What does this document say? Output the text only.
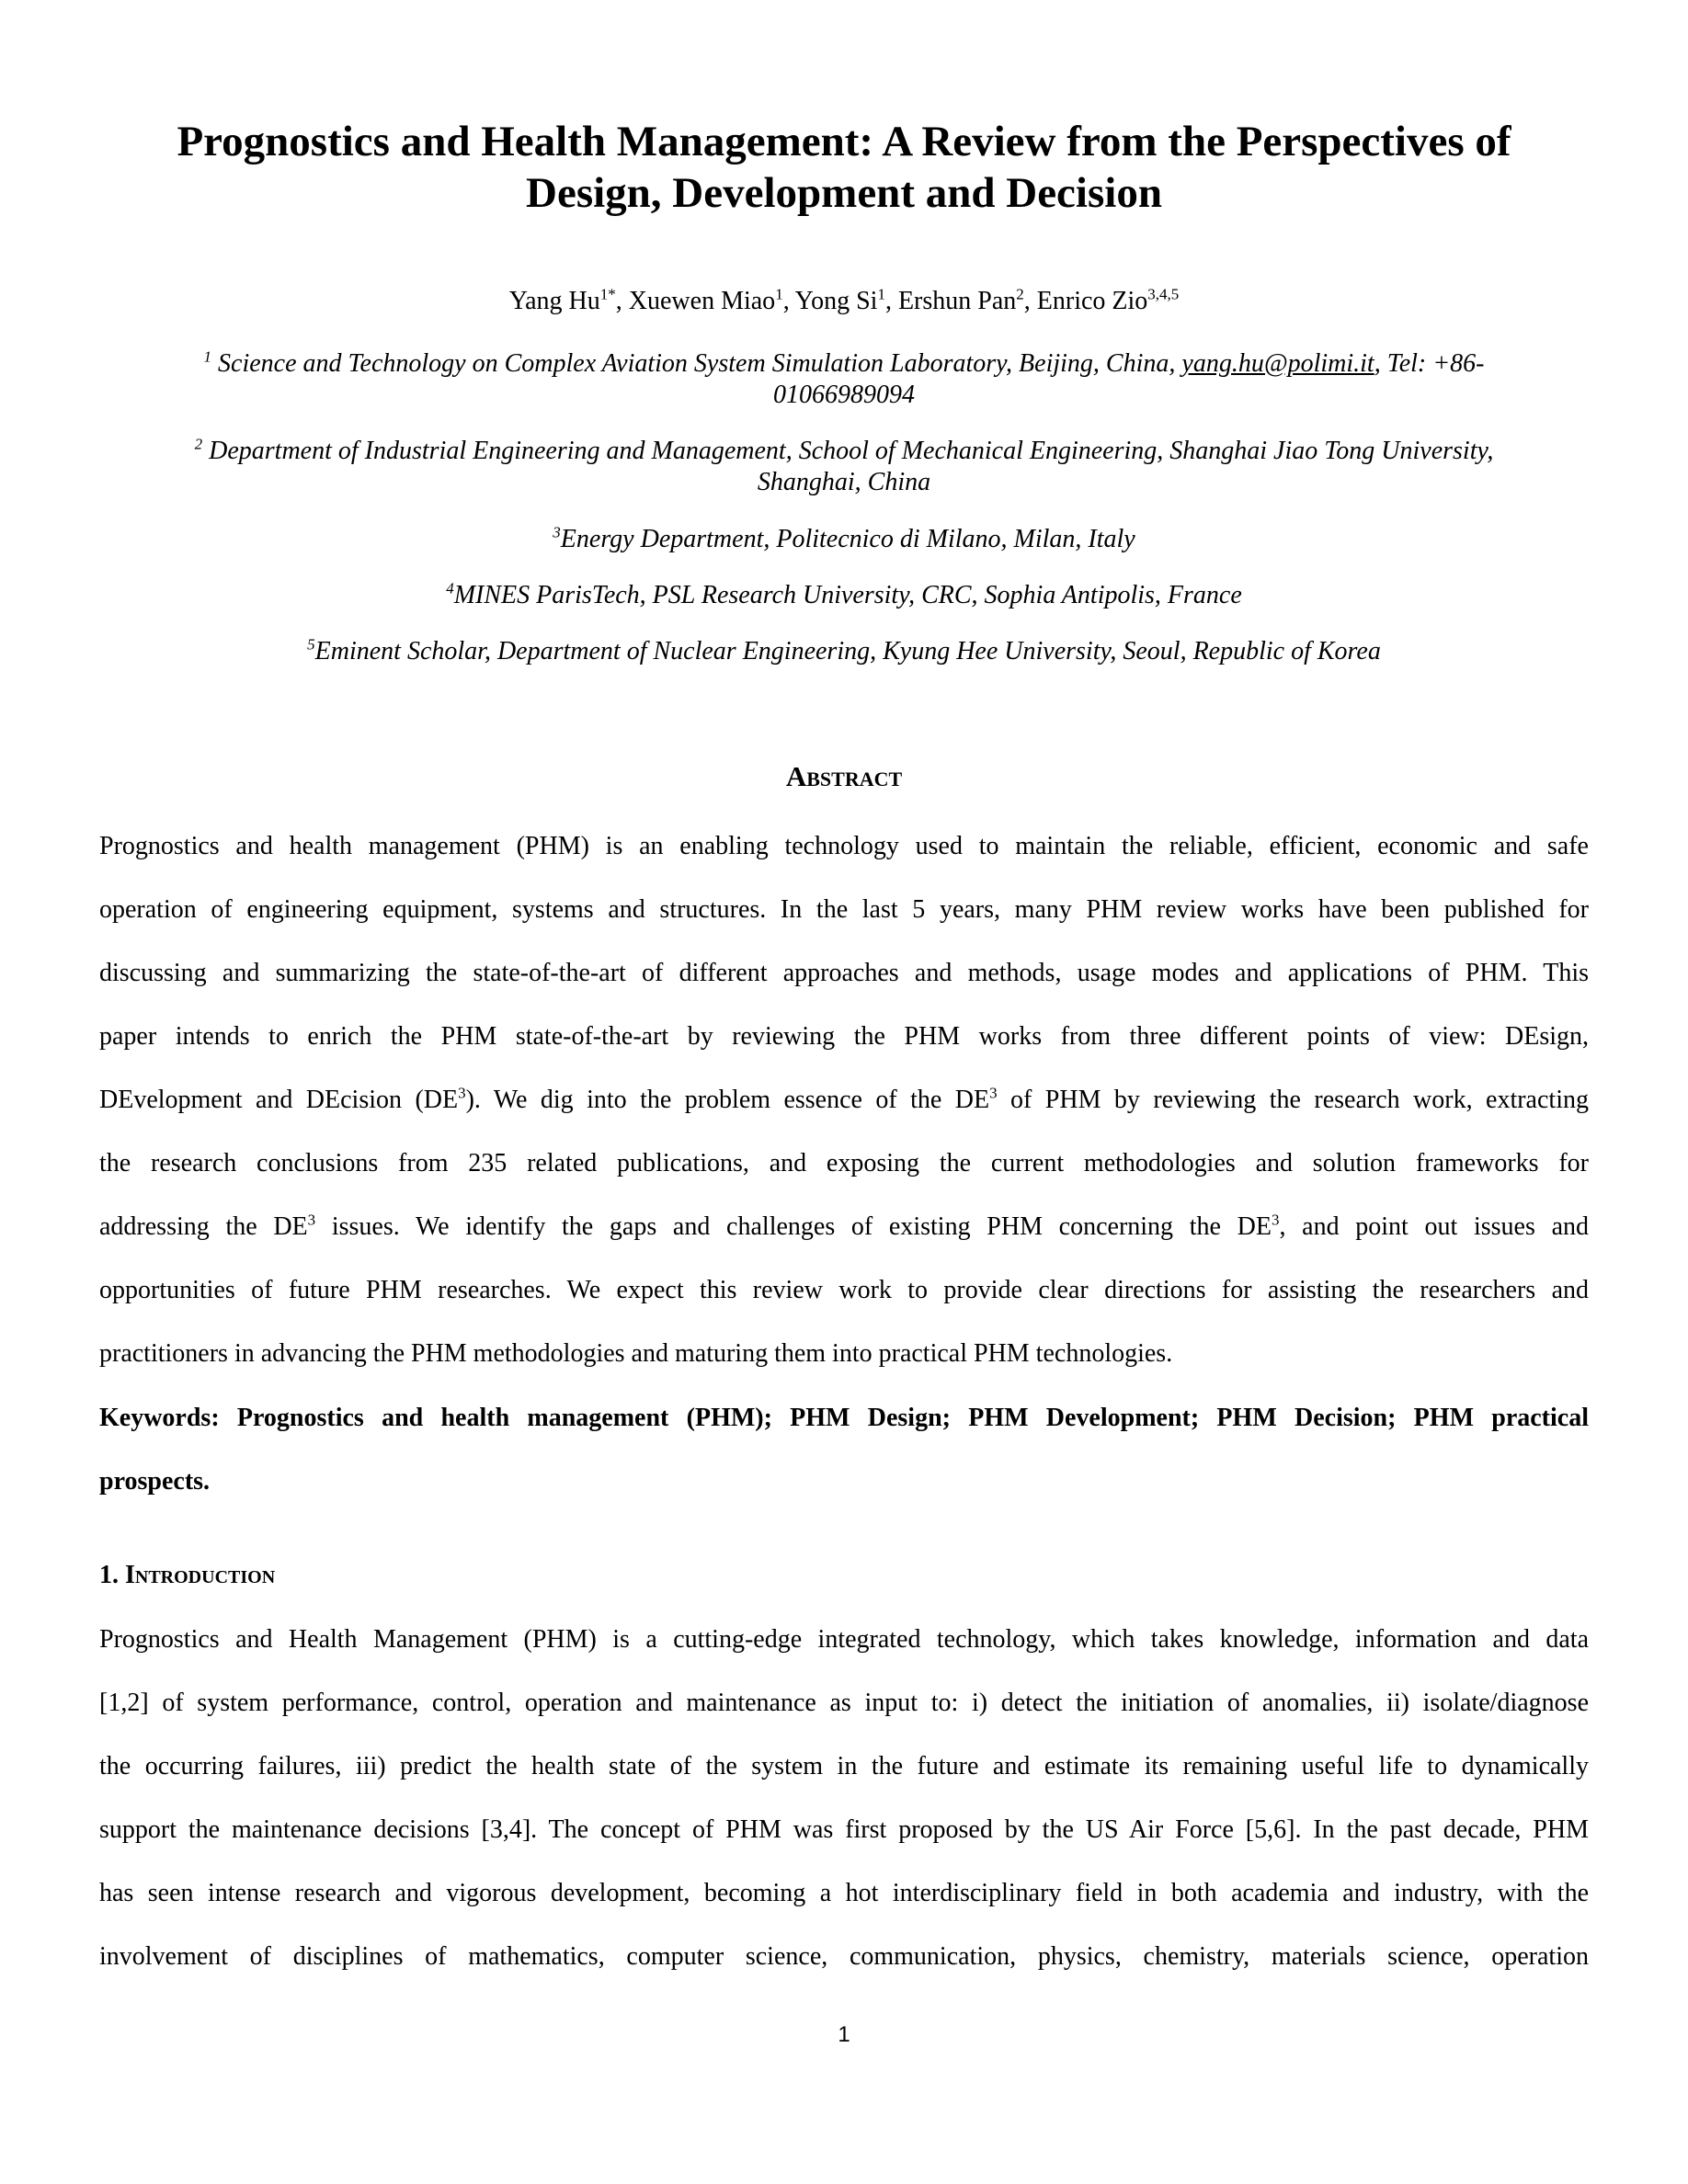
Prognostics and Health Management: A Review from the Perspectives of
Design, Development and Decision
Yang $Hu^{1*}$, Xuewen Miao$^1$, Yong Si$^1$, Ershun Pan$^2$, Enrico Zio$^{3,4,5}$
$^1$ Science and Technology on Complex Aviation System Simulation Laboratory, Beijing, China, yang.hu@polimi.it, Tel: +86-
01066989094
$^2$ Department of Industrial Engineering and Management, School of Mechanical Engineering, Shanghai Jiao Tong University,
Shanghai, China
$^3$Energy Department, Politecnico di Milano, Milan, Italy
$^4$MINES ParisTech, PSL Research University, CRC, Sophia Antipolis, France
$^5$Eminent Scholar, Department of Nuclear Engineering, Kyung Hee University, Seoul, Republic of Korea
Abstract
Prognostics and health management (PHM) is an enabling technology used to maintain the reliable, efficient, economic and safe
operation of engineering equipment, systems and structures. In the last 5 years, many PHM review works have been published for
discussing and summarizing the state-of-the-art of different approaches and methods, usage modes and applications of PHM. This
paper intends to enrich the PHM state-of-the-art by reviewing the PHM works from three different points of view: DEsign,
DEvelopment and DEcision $(DE^3)$. We dig into the problem essence of the $DE^3$ of PHM by reviewing the research work, extracting
the research conclusions from 235 related publications, and exposing the current methodologies and solution frameworks for
addressing the $DE^3$ issues. We identify the gaps and challenges of existing PHM concerning the $DE^3$, and point out issues and
opportunities of future PHM researches. We expect this review work to provide clear directions for assisting the researchers and
practitioners in advancing the PHM methodologies and maturing them into practical PHM technologies.
Keywords: Prognostics and health management (PHM); PHM Design; PHM Development; PHM Decision; PHM practical
prospects.
1. Introduction
Prognostics and Health Management (PHM) is a cutting-edge integrated technology, which takes knowledge, information and data
[1,2] of system performance, control, operation and maintenance as input to: i) detect the initiation of anomalies, ii) isolate/diagnose
the occurring failures, iii) predict the health state of the system in the future and estimate its remaining useful life to dynamically
support the maintenance decisions [3,4]. The concept of PHM was first proposed by the US Air Force [5,6]. In the past decade, PHM
has seen intense research and vigorous development, becoming a hot interdisciplinary field in both academia and industry, with the
involvement of disciplines of mathematics, computer science, communication, physics, chemistry, materials science, operation
1
